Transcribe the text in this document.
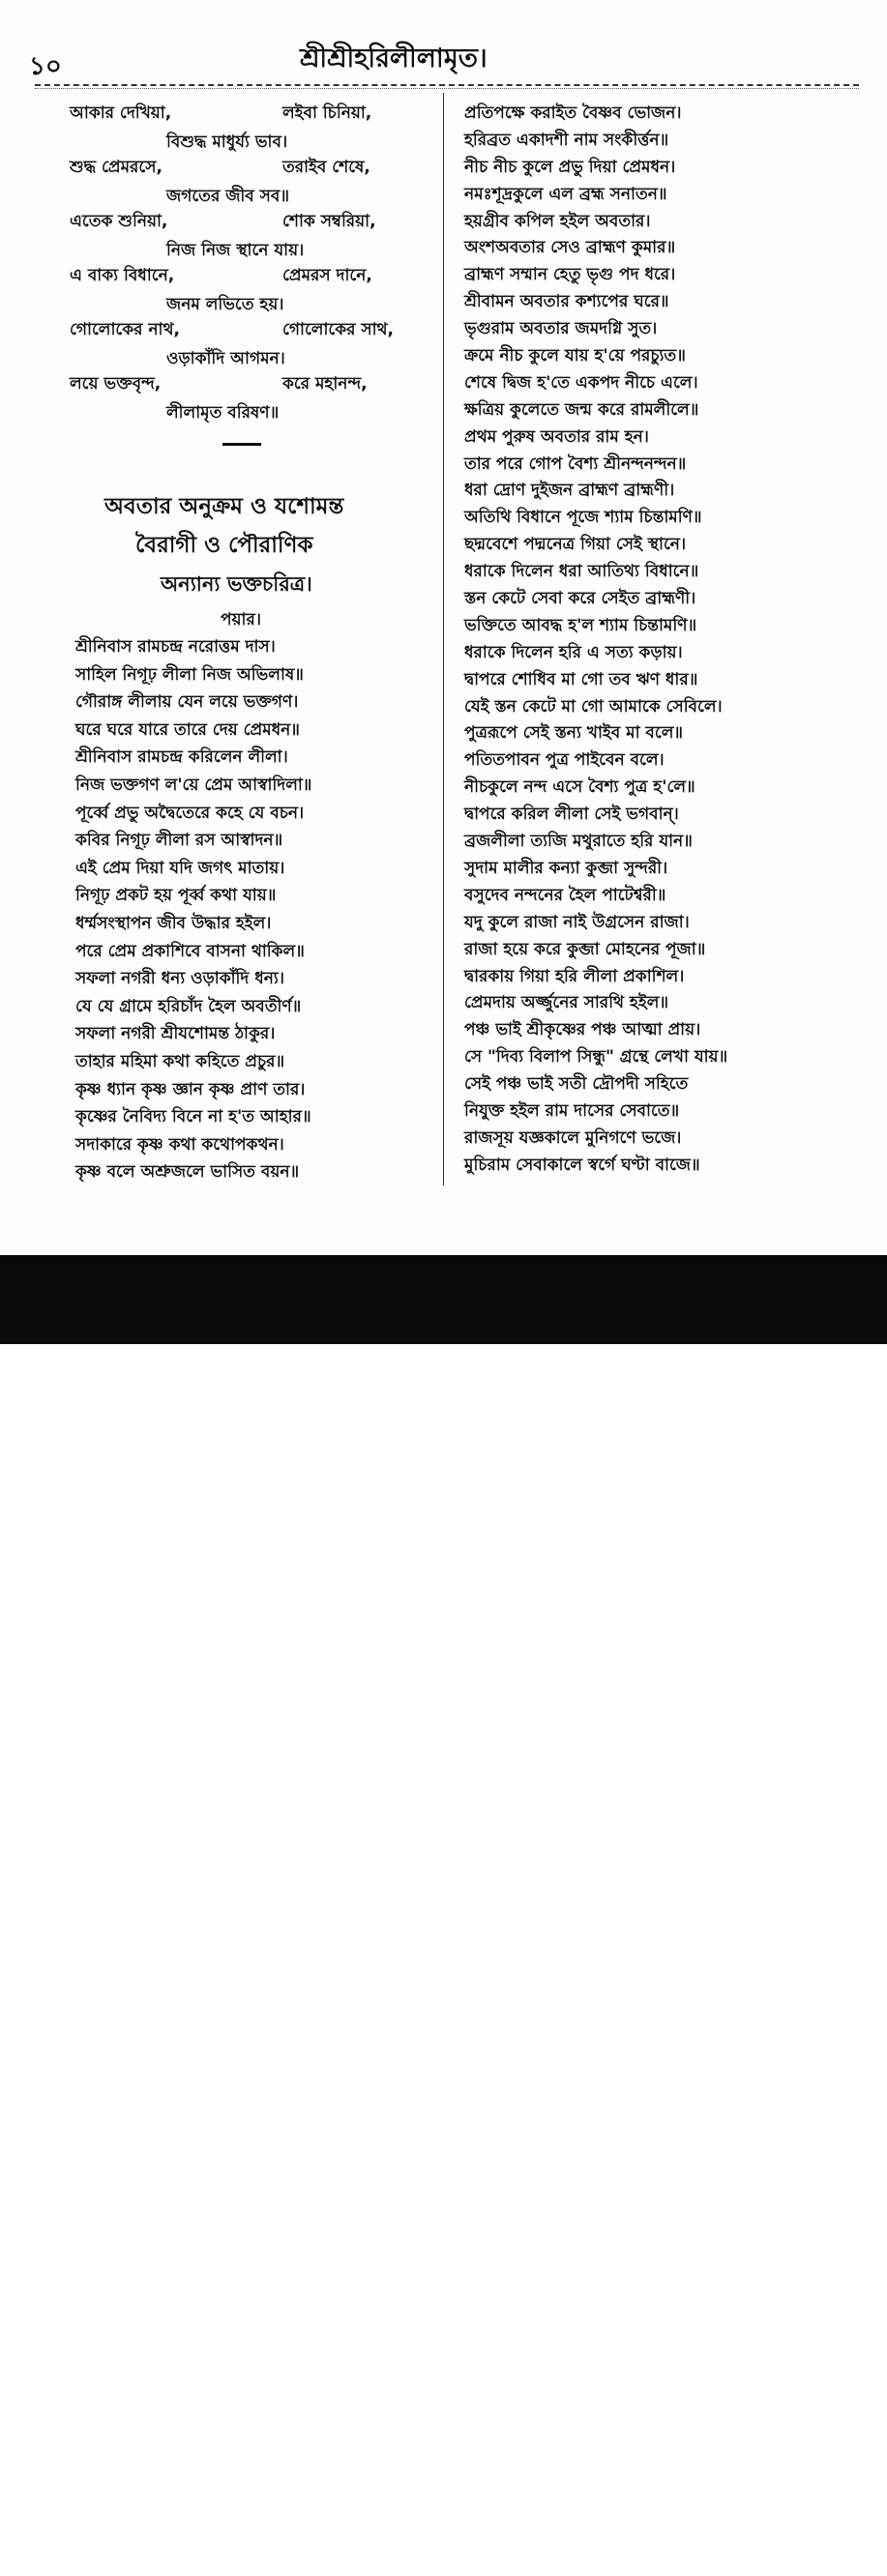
১০	শ্রীশ্রীহরিলীলামৃত।
আকার দেখিয়া,	লইবা চিনিয়া,
বিশুদ্ধ মাধুর্য্য ভাব।
শুদ্ধ প্রেমরসে,	তরাইব শেষে,
জগতের জীব সব॥
এতেক শুনিয়া,	শোক সম্বরিয়া,
নিজ নিজ স্থানে যায়।
এ বাক্য বিধানে,	প্রেমরস দানে,
জনম লভিতে হয়।
গোলোকের নাথ,	গোলোকের সাথ,
ওড়াকাঁদি আগমন।
লয়ে ভক্তবৃন্দ,	করে মহানন্দ,
লীলামৃত বরিষণ॥
অবতার অনুক্রম ও যশোমন্ত
বৈরাগী ও পৌরাণিক
অন্যান্য ভক্তচরিত্র।
পয়ার।
শ্রীনিবাস রামচন্দ্র নরোত্তম দাস।
সাহিল নিগূঢ় লীলা নিজ অভিলাষ॥
গৌরাঙ্গ লীলায় যেন লয়ে ভক্তগণ।
ঘরে ঘরে যারে তারে দেয় প্রেমধন॥
শ্রীনিবাস রামচন্দ্র করিলেন লীলা।
নিজ ভক্তগণ ল'য়ে প্রেম আস্বাদিলা॥
পূর্ব্বে প্রভু অদ্বৈতেরে কহে যে বচন।
কবির নিগূঢ় লীলা রস আস্বাদন॥
এই প্রেম দিয়া যদি জগৎ মাতায়।
নিগূঢ় প্রকট হয় পূর্ব্ব কথা যায়॥
ধর্ম্মসংস্থাপন জীব উদ্ধার হইল।
পরে প্রেম প্রকাশিবে বাসনা থাকিল॥
সফলা নগরী ধন্য ওড়াকাঁদি ধন্য।
যে যে গ্রামে হরিচাঁদ হৈল অবতীর্ণ॥
সফলা নগরী শ্রীযশোমন্ত ঠাকুর।
তাহার মহিমা কথা কহিতে প্রচুর॥
কৃষ্ণ ধ্যান কৃষ্ণ জ্ঞান কৃষ্ণ প্রাণ তার।
কৃষ্ণের নৈবিদ্য বিনে না হ'ত আহার॥
সদাকারে কৃষ্ণ কথা কথোপকথন।
কৃষ্ণ বলে অশ্রুজলে ভাসিত বয়ন॥
প্রতিপক্ষে করাইত বৈষ্ণব ভোজন।
হরিব্রত একাদশী নাম সংকীর্ত্তন॥
নীচ নীচ কুলে প্রভু দিয়া প্রেমধন।
নমঃশূদ্রকুলে এল ব্রহ্ম সনাতন॥
হয়গ্রীব কপিল হইল অবতার।
অংশঅবতার সেও ব্রাহ্মণ কুমার॥
ব্রাহ্মণ সম্মান হেতু ভৃগু পদ ধরে।
শ্রীবামন অবতার কশ্যপের ঘরে॥
ভৃগুরাম অবতার জমদগ্নি সুত।
ক্রমে নীচ কুলে যায় হ'য়ে পরচ্যুত॥
শেষে দ্বিজ হ'তে একপদ নীচে এলে।
ক্ষত্রিয় কুলেতে জন্ম করে রামলীলে॥
প্রথম পুরুষ অবতার রাম হন।
তার পরে গোপ বৈশ্য শ্রীনন্দনন্দন॥
ধরা দ্রোণ দুইজন ব্রাহ্মণ ব্রাহ্মণী।
অতিথি বিধানে পূজে শ্যাম চিন্তামণি॥
ছদ্মবেশে পদ্মনেত্র গিয়া সেই স্থানে।
ধরাকে দিলেন ধরা আতিথ্য বিধানে॥
স্তন কেটে সেবা করে সেইত ব্রাহ্মণী।
ভক্তিতে আবদ্ধ হ'ল শ্যাম চিন্তামণি॥
ধরাকে দিলেন হরি এ সত্য কড়ায়।
দ্বাপরে শোধিব মা গো তব ঋণ ধার॥
যেই স্তন কেটে মা গো আমাকে সেবিলে।
পুত্ররূপে সেই স্তন্য খাইব মা বলে॥
পতিতপাবন পুত্র পাইবেন বলে।
নীচকুলে নন্দ এসে বৈশ্য পুত্র হ'লে॥
দ্বাপরে করিল লীলা সেই ভগবান্।
ব্রজলীলা ত্যজি মথুরাতে হরি যান॥
সুদাম মালীর কন্যা কুব্জা সুন্দরী।
বসুদেব নন্দনের হৈল পাটেশ্বরী॥
যদু কুলে রাজা নাই উগ্রসেন রাজা।
রাজা হয়ে করে কুব্জা মোহনের পূজা॥
দ্বারকায় গিয়া হরি লীলা প্রকাশিল।
প্রেমদায় অর্জ্জুনের সারথি হইল॥
পঞ্চ ভাই শ্রীকৃষ্ণের পঞ্চ আত্মা প্রায়।
সে "দিব্য বিলাপ সিন্ধু" গ্রন্থে লেখা যায়॥
সেই পঞ্চ ভাই সতী দ্রৌপদী সহিতে
নিযুক্ত হইল রাম দাসের সেবাতে॥
রাজসূয় যজ্ঞকালে মুনিগণে ভজে।
মুচিরাম সেবাকালে স্বর্গে ঘণ্টা বাজে॥
alamy	KJDRME
www.alamy.com
